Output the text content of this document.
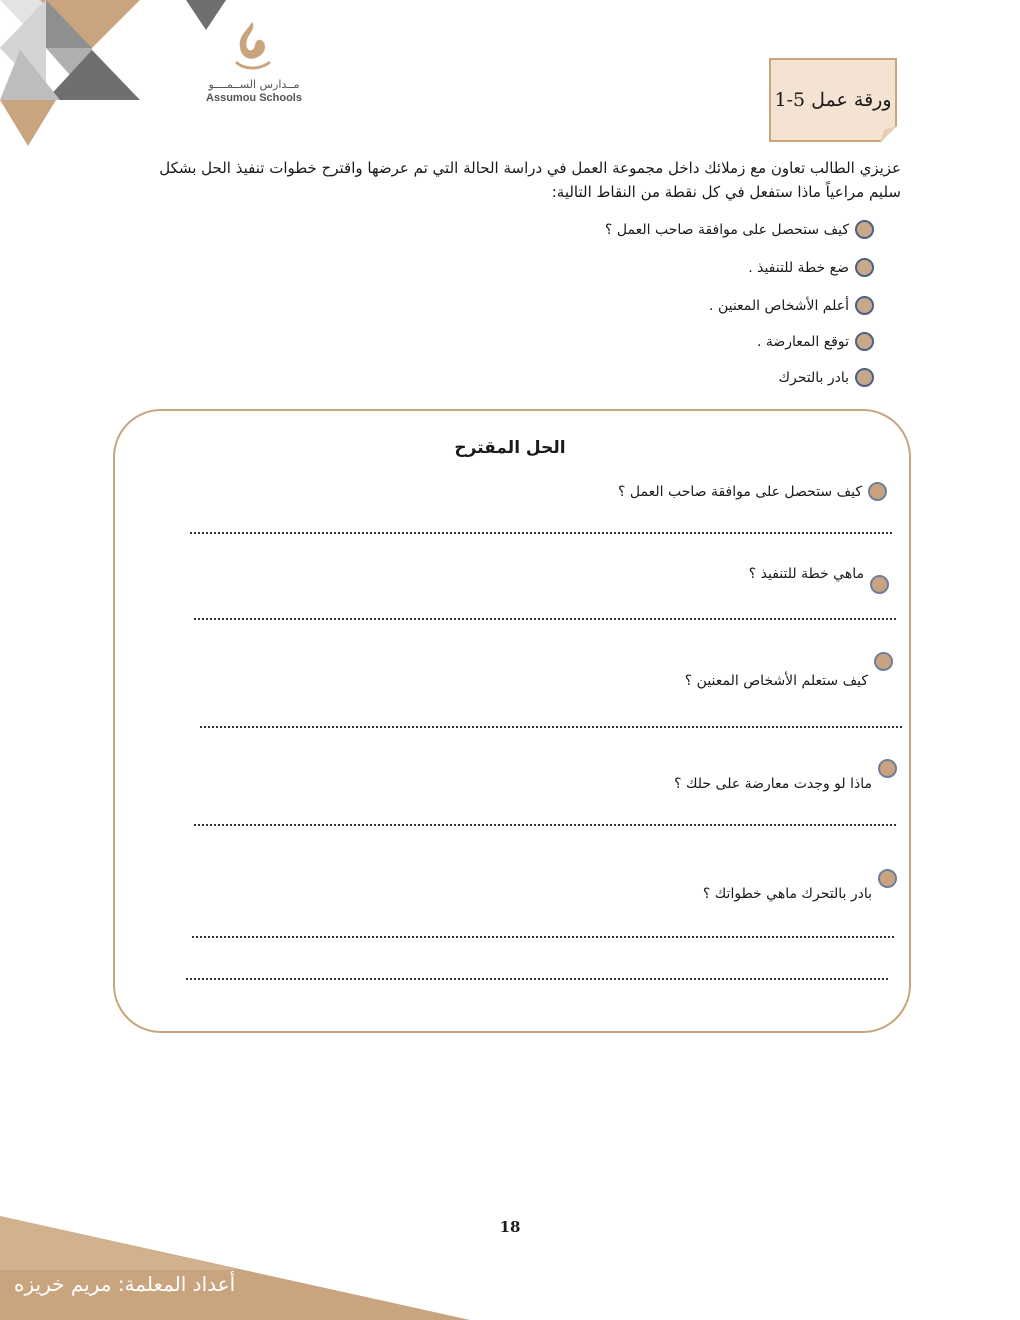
مــدارس الســمــــو
Assumou Schools	ورقة عمل 5-1
عزيزي الطالب تعاون مع زملائك داخل مجموعة العمل في دراسة الحالة التي تم عرضها واقترح خطوات تنفيذ الحل بشكل
سليم مراعياً ماذا ستفعل في كل نقطة من النقاط التالية:
كيف ستحصل على موافقة صاحب العمل ؟
ضع خطة للتنفيذ .
أعلم الأشخاص المعنين .
توقع المعارضة .
بادر بالتحرك
الحل المقترح
كيف ستحصل على موافقة صاحب العمل ؟
ماهي خطة للتنفيذ ؟
كيف ستعلم الأشخاص المعنين ؟
ماذا لو وجدت معارضة على حلك ؟
بادر بالتحرك ماهي خطواتك ؟
18
أعداد المعلمة: مريم خريزه
